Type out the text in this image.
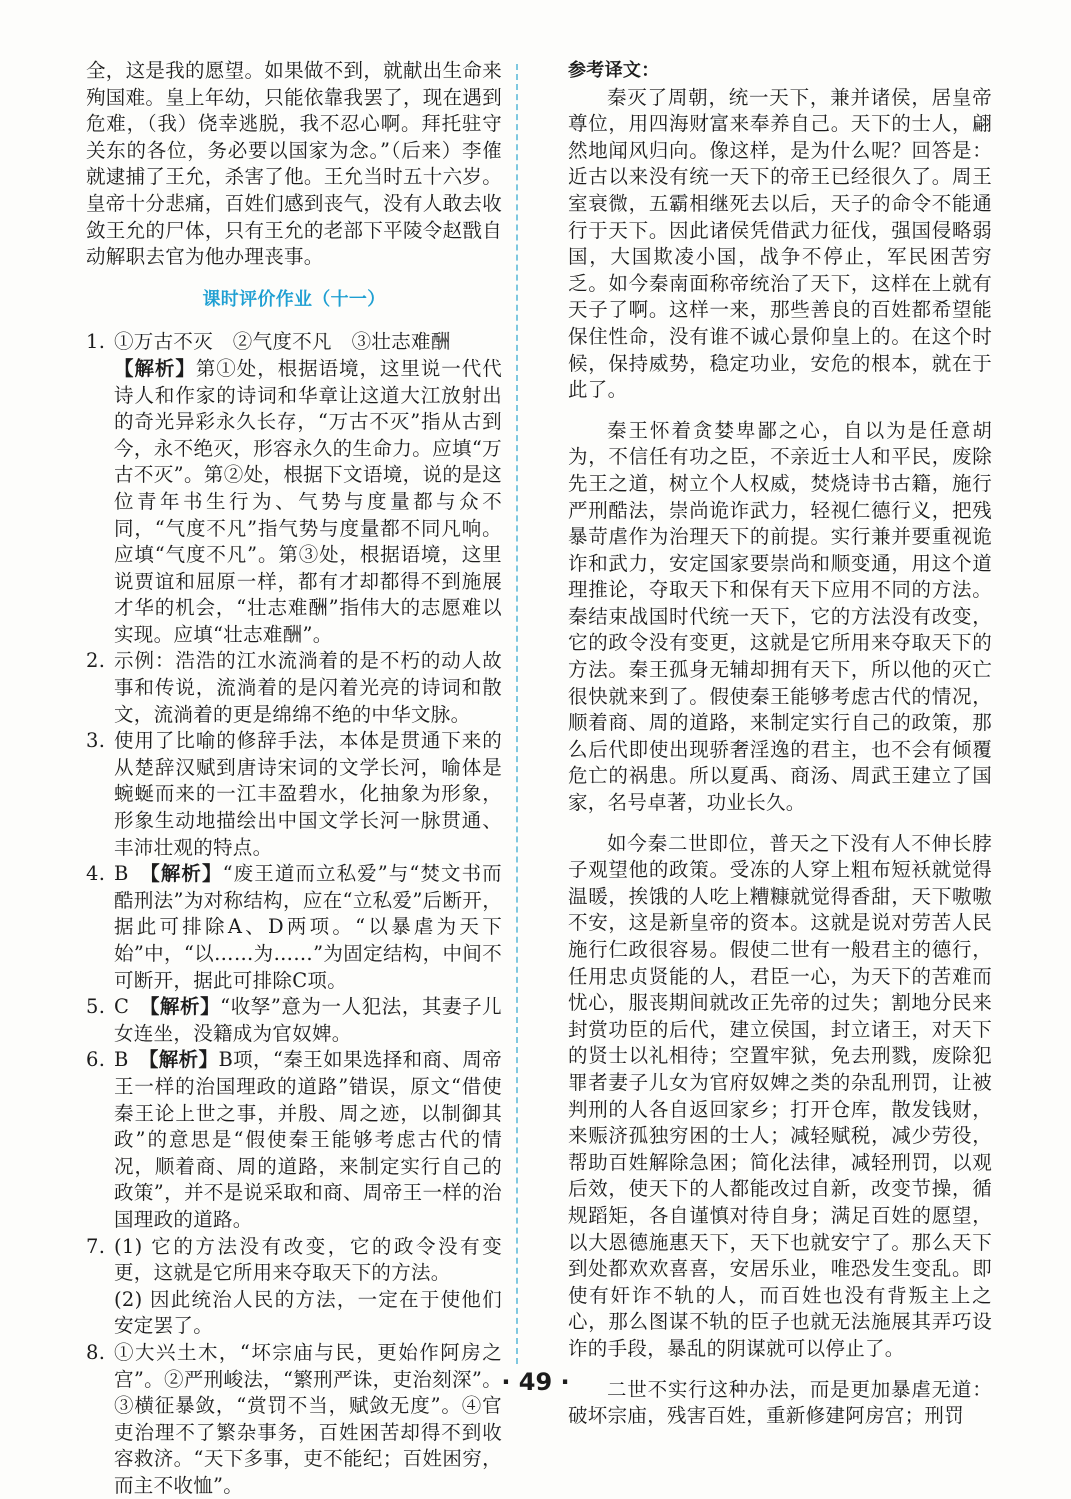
全，这是我的愿望。如果做不到，就献出生命来殉国难。皇上年幼，只能依靠我罢了，现在遇到危难，（我）侥幸逃脱，我不忍心啊。拜托驻守关东的各位，务必要以国家为念。”（后来）李傕就逮捕了王允，杀害了他。王允当时五十六岁。皇帝十分悲痛，百姓们感到丧气，没有人敢去收敛王允的尸体，只有王允的老部下平陵令赵戬自动解职去官为他办理丧事。

课时评价作业（十一）
1. ①万古不灭　②气度不凡　③壮志难酬

【解析】第①处，根据语境，这里说一代代诗人和作家的诗词和华章让这道大江放射出的奇光异彩永久长存，“万古不灭”指从古到今，永不绝灭，形容永久的生命力。应填“万古不灭”。第②处，根据下文语境，说的是这位青年书生行为、气势与度量都与众不同，“气度不凡”指气势与度量都不同凡响。应填“气度不凡”。第③处，根据语境，这里说贾谊和屈原一样，都有才却都得不到施展才华的机会，“壮志难酬”指伟大的志愿难以实现。应填“壮志难酬”。

2. 示例：浩浩的江水流淌着的是不朽的动人故事和传说，流淌着的是闪着光亮的诗词和散文，流淌着的更是绵绵不绝的中华文脉。

3. 使用了比喻的修辞手法，本体是贯通下来的从楚辞汉赋到唐诗宋词的文学长河，喻体是蜿蜒而来的一江丰盈碧水，化抽象为形象，形象生动地描绘出中国文学长河一脉贯通、丰沛壮观的特点。

4. B　【解析】“废王道而立私爱”与“焚文书而酷刑法”为对称结构，应在“立私爱”后断开，据此可排除A、D两项。“以暴虐为天下始”中，“以……为……”为固定结构，中间不可断开，据此可排除C项。

5. C　【解析】“收孥”意为一人犯法，其妻子儿女连坐，没籍成为官奴婢。

6. B　【解析】B项，“秦王如果选择和商、周帝王一样的治国理政的道路”错误，原文“借使秦王论上世之事，并殷、周之迹，以制御其政”的意思是“假使秦王能够考虑古代的情况，顺着商、周的道路，来制定实行自己的政策”，并不是说采取和商、周帝王一样的治国理政的道路。

7. (1) 它的方法没有改变，它的政令没有变更，这就是它所用来夺取天下的方法。

(2) 因此统治人民的方法，一定在于使他们安定罢了。

8. ①大兴土木，“坏宗庙与民，更始作阿房之宫”。②严刑峻法，“繁刑严诛，吏治刻深”。③横征暴敛，“赏罚不当，赋敛无度”。④官吏治理不了繁杂事务，百姓困苦却得不到收容救济。“天下多事，吏不能纪；百姓困穷，而主不收恤”。

参考译文：

秦灭了周朝，统一天下，兼并诸侯，居皇帝尊位，用四海财富来奉养自己。天下的士人，翩然地闻风归向。像这样，是为什么呢？回答是：近古以来没有统一天下的帝王已经很久了。周王室衰微，五霸相继死去以后，天子的命令不能通行于天下。因此诸侯凭借武力征伐，强国侵略弱国，大国欺凌小国，战争不停止，军民困苦穷乏。如今秦南面称帝统治了天下，这样在上就有天子了啊。这样一来，那些善良的百姓都希望能保住性命，没有谁不诚心景仰皇上的。在这个时候，保持威势，稳定功业，安危的根本，就在于此了。

秦王怀着贪婪卑鄙之心，自以为是任意胡为，不信任有功之臣，不亲近士人和平民，废除先王之道，树立个人权威，焚烧诗书古籍，施行严刑酷法，崇尚诡诈武力，轻视仁德行义，把残暴苛虐作为治理天下的前提。实行兼并要重视诡诈和武力，安定国家要崇尚和顺变通，用这个道理推论，夺取天下和保有天下应用不同的方法。秦结束战国时代统一天下，它的方法没有改变，它的政令没有变更，这就是它所用来夺取天下的方法。秦王孤身无辅却拥有天下，所以他的灭亡很快就来到了。假使秦王能够考虑古代的情况，顺着商、周的道路，来制定实行自己的政策，那么后代即使出现骄奢淫逸的君主，也不会有倾覆危亡的祸患。所以夏禹、商汤、周武王建立了国家，名号卓著，功业长久。

如今秦二世即位，普天之下没有人不伸长脖子观望他的政策。受冻的人穿上粗布短袄就觉得温暖，挨饿的人吃上糟糠就觉得香甜，天下嗷嗷不安，这是新皇帝的资本。这就是说对劳苦人民施行仁政很容易。假使二世有一般君主的德行，任用忠贞贤能的人，君臣一心，为天下的苦难而忧心，服丧期间就改正先帝的过失；割地分民来封赏功臣的后代，建立侯国，封立诸王，对天下的贤士以礼相待；空置牢狱，免去刑戮，废除犯罪者妻子儿女为官府奴婢之类的杂乱刑罚，让被判刑的人各自返回家乡；打开仓库，散发钱财，来赈济孤独穷困的士人；减轻赋税，减少劳役，帮助百姓解除急困；简化法律，减轻刑罚，以观后效，使天下的人都能改过自新，改变节操，循规蹈矩，各自谨慎对待自身；满足百姓的愿望，以大恩德施惠天下，天下也就安宁了。那么天下到处都欢欢喜喜，安居乐业，唯恐发生变乱。即使有奸诈不轨的人，而百姓也没有背叛主上之心，那么图谋不轨的臣子也就无法施展其弄巧设诈的手段，暴乱的阴谋就可以停止了。

二世不实行这种办法，而是更加暴虐无道：破坏宗庙，残害百姓，重新修建阿房宫；刑罚

· 49 ·
